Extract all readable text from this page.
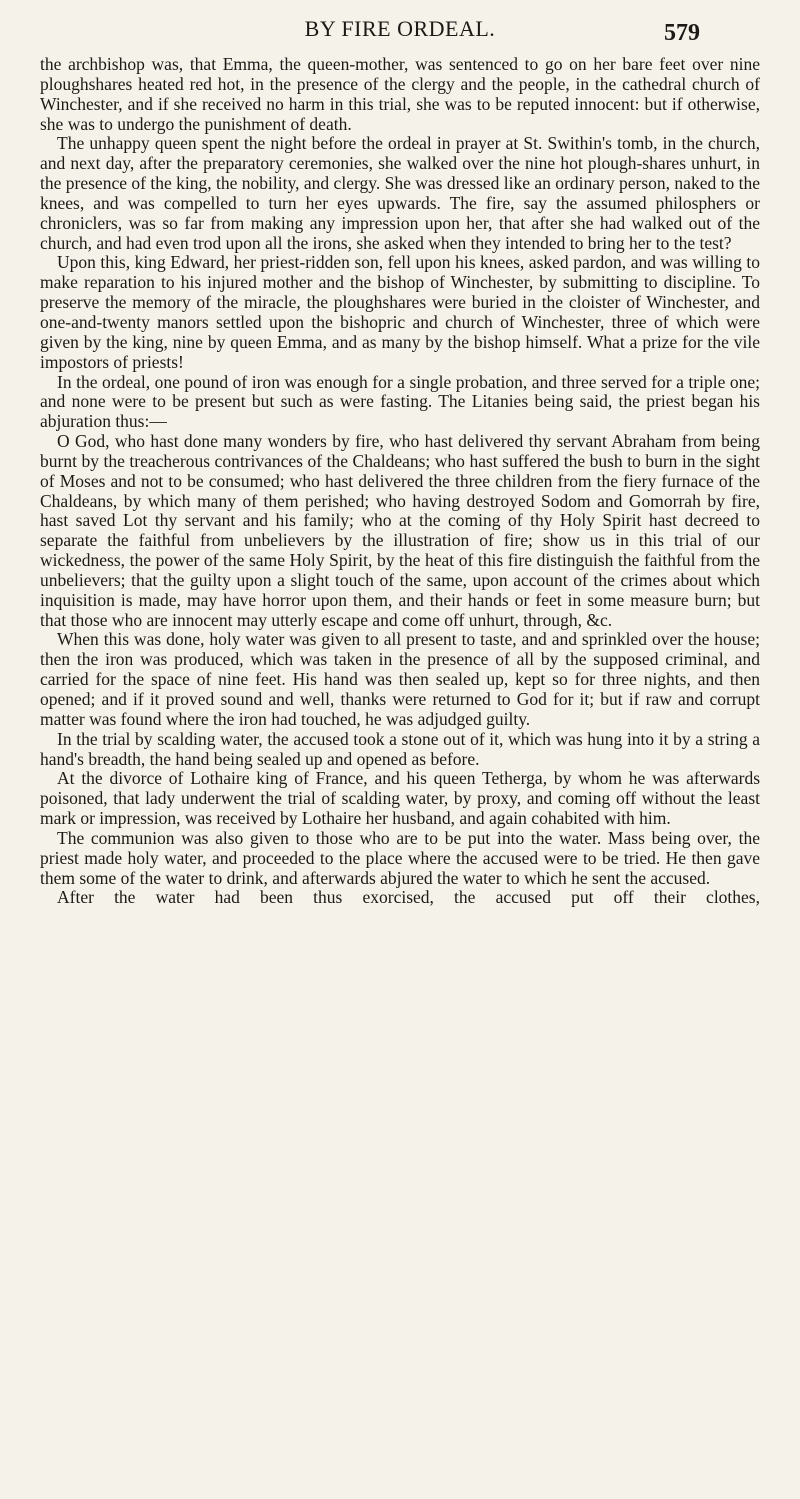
BY FIRE ORDEAL.	579

the archbishop was, that Emma, the queen-mother, was sentenced to go on her bare feet over nine ploughshares heated red hot, in the presence of the clergy and the people, in the cathedral church of Winchester, and if she received no harm in this trial, she was to be reputed innocent: but if otherwise, she was to undergo the punishment of death.

The unhappy queen spent the night before the ordeal in prayer at St. Swithin's tomb, in the church, and next day, after the preparatory ceremonies, she walked over the nine hot plough-shares unhurt, in the presence of the king, the nobility, and clergy. She was dressed like an ordinary person, naked to the knees, and was compelled to turn her eyes upwards. The fire, say the assumed philosphers or chroniclers, was so far from making any impression upon her, that after she had walked out of the church, and had even trod upon all the irons, she asked when they intended to bring her to the test?

Upon this, king Edward, her priest-ridden son, fell upon his knees, asked pardon, and was willing to make reparation to his injured mother and the bishop of Winchester, by submitting to discipline. To preserve the memory of the miracle, the ploughshares were buried in the cloister of Winchester, and one-and-twenty manors settled upon the bishopric and church of Winchester, three of which were given by the king, nine by queen Emma, and as many by the bishop himself. What a prize for the vile impostors of priests!

In the ordeal, one pound of iron was enough for a single probation, and three served for a triple one; and none were to be present but such as were fasting. The Litanies being said, the priest began his abjuration thus:—

O God, who hast done many wonders by fire, who hast delivered thy servant Abraham from being burnt by the treacherous contrivances of the Chaldeans; who hast suffered the bush to burn in the sight of Moses and not to be consumed; who hast delivered the three children from the fiery furnace of the Chaldeans, by which many of them perished; who having destroyed Sodom and Gomorrah by fire, hast saved Lot thy servant and his family; who at the coming of thy Holy Spirit hast decreed to separate the faithful from unbelievers by the illustration of fire; show us in this trial of our wickedness, the power of the same Holy Spirit, by the heat of this fire distinguish the faithful from the unbelievers; that the guilty upon a slight touch of the same, upon account of the crimes about which inquisition is made, may have horror upon them, and their hands or feet in some measure burn; but that those who are innocent may utterly escape and come off unhurt, through, &c.

When this was done, holy water was given to all present to taste, and and sprinkled over the house; then the iron was produced, which was taken in the presence of all by the supposed criminal, and carried for the space of nine feet. His hand was then sealed up, kept so for three nights, and then opened; and if it proved sound and well, thanks were returned to God for it; but if raw and corrupt matter was found where the iron had touched, he was adjudged guilty.

In the trial by scalding water, the accused took a stone out of it, which was hung into it by a string a hand's breadth, the hand being sealed up and opened as before.

At the divorce of Lothaire king of France, and his queen Tetherga, by whom he was afterwards poisoned, that lady underwent the trial of scalding water, by proxy, and coming off without the least mark or impression, was received by Lothaire her husband, and again cohabited with him.

The communion was also given to those who are to be put into the water. Mass being over, the priest made holy water, and proceeded to the place where the accused were to be tried. He then gave them some of the water to drink, and afterwards abjured the water to which he sent the accused.

After the water had been thus exorcised, the accused put off their clothes,
